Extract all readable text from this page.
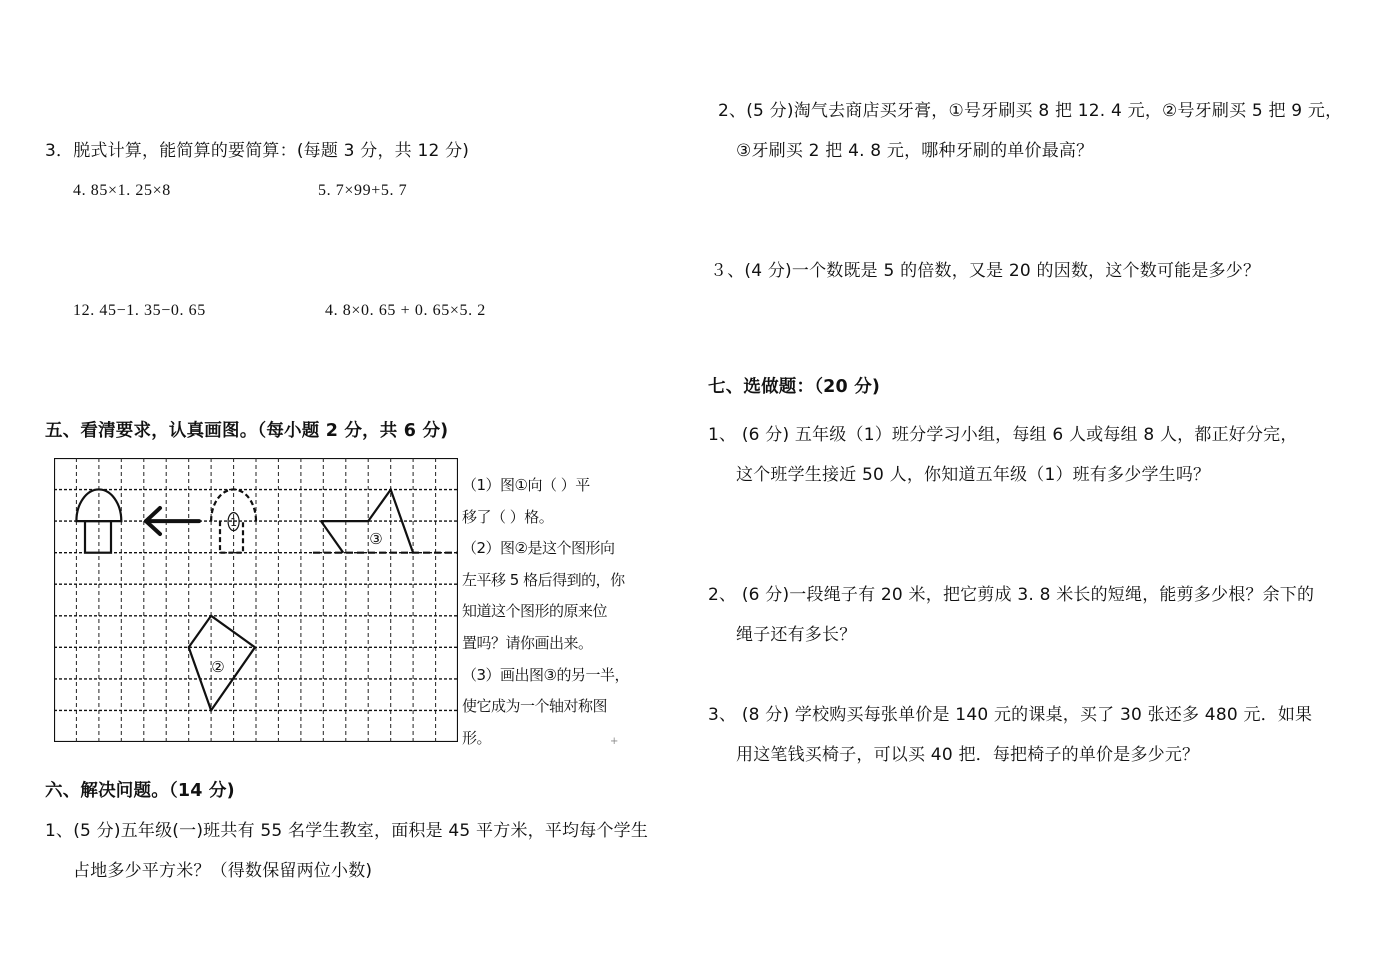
3．脱式计算，能简算的要简算：(每题 3 分，共 12 分)
4. 85×1. 25×8	5. 7×99+5. 7
12. 45−1. 35−0. 65	4. 8×0. 65 + 0. 65×5. 2
五、看清要求，认真画图。（每小题 2 分，共 6 分)
1
③
②
（1）图①向（ ）平
移了（ ）格。
（2）图②是这个图形向
左平移 5 格后得到的，你
知道这个图形的原来位
置吗？请你画出来。
（3）画出图③的另一半，
使它成为一个轴对称图
形。	+
六、解决问题。（14 分)
1、(5 分)五年级(一)班共有 55 名学生教室，面积是 45 平方米，平均每个学生
占地多少平方米？（得数保留两位小数)
2、(5 分)淘气去商店买牙膏，①号牙刷买 8 把 12. 4 元，②号牙刷买 5 把 9 元，
③牙刷买 2 把 4. 8 元，哪种牙刷的单价最高？
３、(4 分)一个数既是 5 的倍数，又是 20 的因数，这个数可能是多少？
七、选做题：（20 分)
1、 (6 分) 五年级（1）班分学习小组，每组 6 人或每组 8 人，都正好分完，
这个班学生接近 50 人，你知道五年级（1）班有多少学生吗？
2、 (6 分)一段绳子有 20 米，把它剪成 3. 8 米长的短绳，能剪多少根？余下的
绳子还有多长？
3、 (8 分) 学校购买每张单价是 140 元的课桌，买了 30 张还多 480 元．如果
用这笔钱买椅子，可以买 40 把．每把椅子的单价是多少元？
